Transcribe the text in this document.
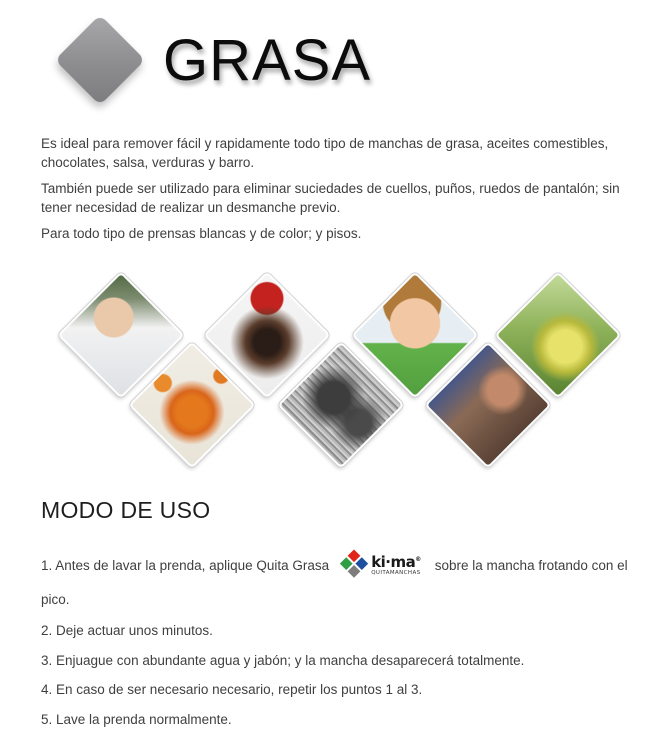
GRASA

Es ideal para remover fácil y rapidamente todo tipo de manchas de grasa, aceites comestibles, chocolates, salsa, verduras y barro.

También puede ser utilizado para eliminar suciedades de cuellos, puños, ruedos de pantalón; sin tener necesidad de realizar un desmanche previo.

Para todo tipo de prensas blancas y de color; y pisos.

MODO DE USO
1. Antes de lavar la prenda, aplique Quita Grasa	ki·ma®
QUITAMANCHAS sobre la mancha frotando con el
pico.
2. Deje actuar unos minutos.
3. Enjuague con abundante agua y jabón; y la mancha desaparecerá totalmente.
4. En caso de ser necesario necesario, repetir los puntos 1 al 3.
5. Lave la prenda normalmente.
